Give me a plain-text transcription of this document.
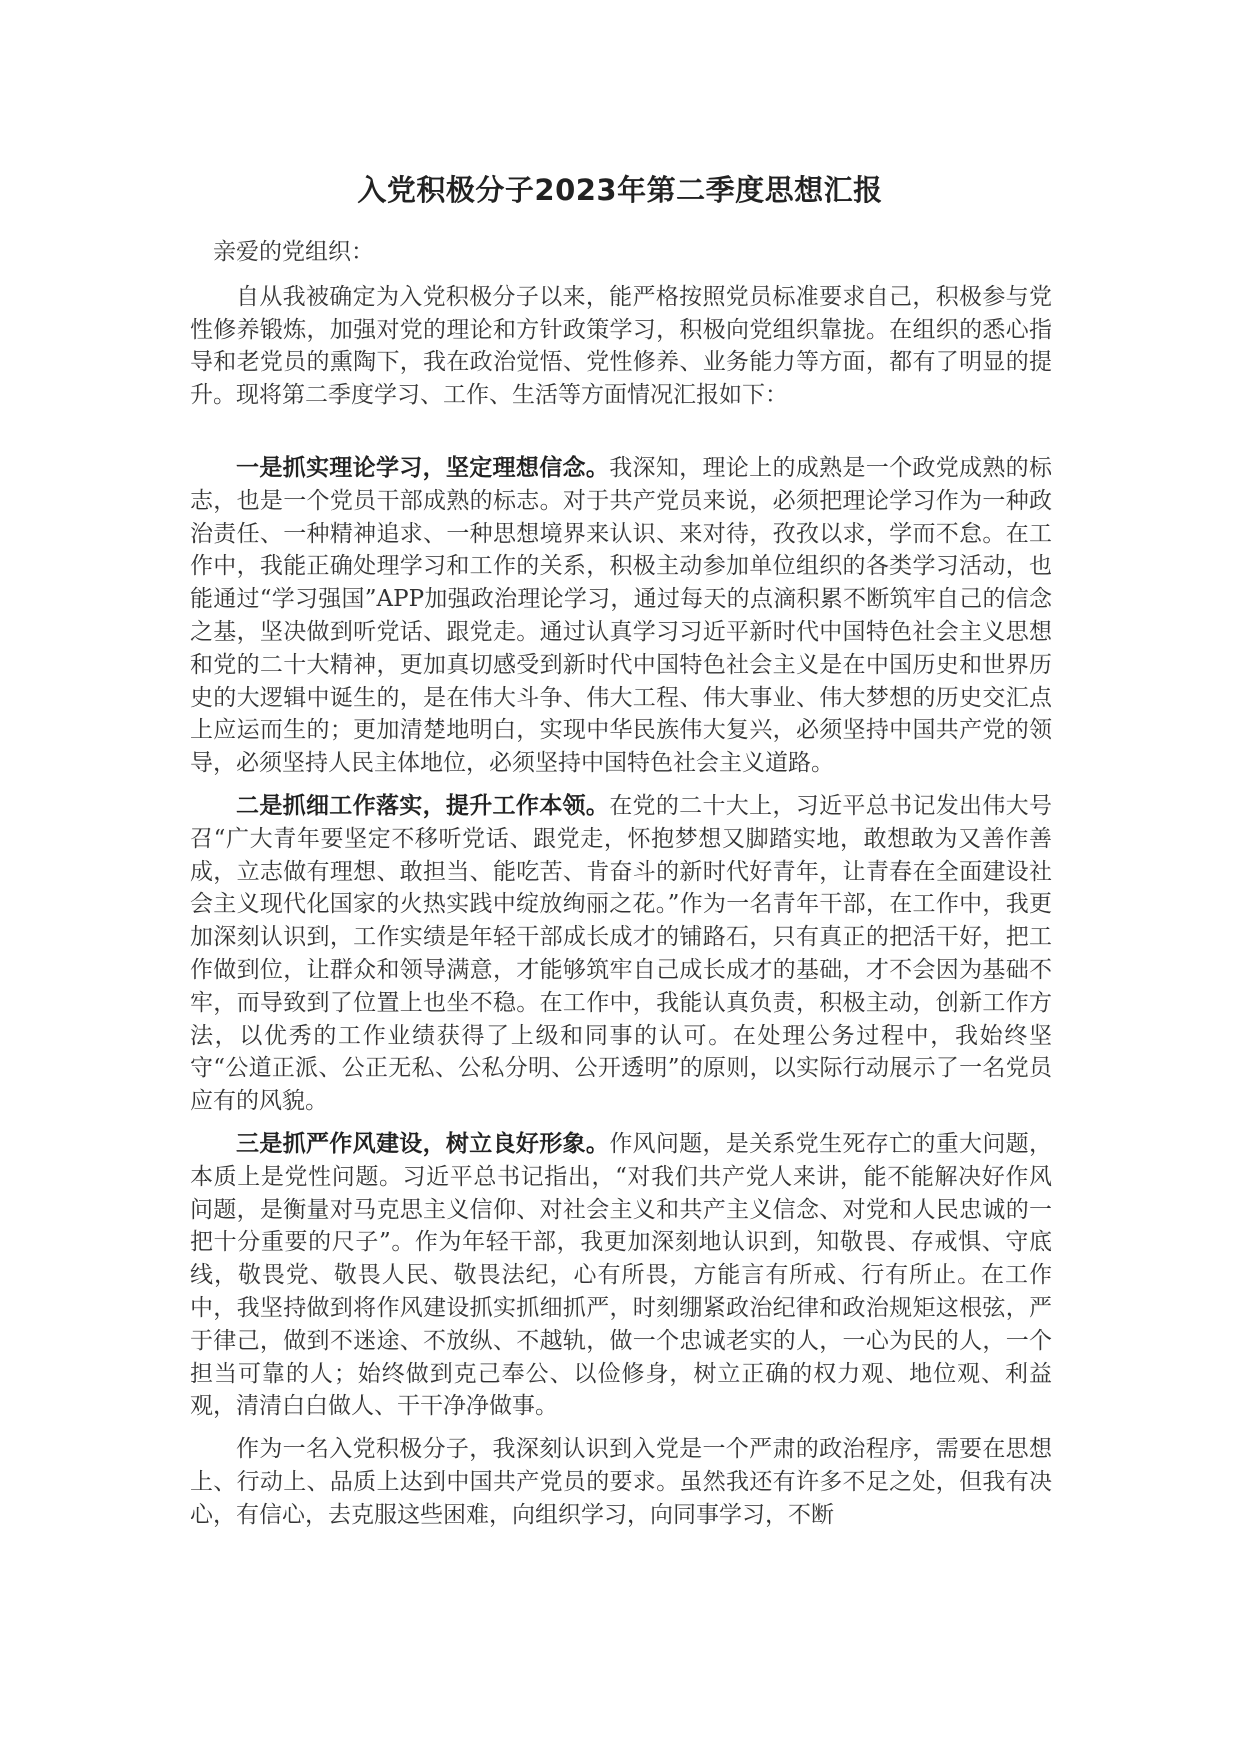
入党积极分子2023年第二季度思想汇报

亲爱的党组织：

自从我被确定为入党积极分子以来，能严格按照党员标准要求自己，积极参与党性修养锻炼，加强对党的理论和方针政策学习，积极向党组织靠拢。在组织的悉心指导和老党员的熏陶下，我在政治觉悟、党性修养、业务能力等方面，都有了明显的提升。现将第二季度学习、工作、生活等方面情况汇报如下：

一是抓实理论学习，坚定理想信念。我深知，理论上的成熟是一个政党成熟的标志，也是一个党员干部成熟的标志。对于共产党员来说，必须把理论学习作为一种政治责任、一种精神追求、一种思想境界来认识、来对待，孜孜以求，学而不怠。在工作中，我能正确处理学习和工作的关系，积极主动参加单位组织的各类学习活动，也能通过“学习强国”APP加强政治理论学习，通过每天的点滴积累不断筑牢自己的信念之基，坚决做到听党话、跟党走。通过认真学习习近平新时代中国特色社会主义思想和党的二十大精神，更加真切感受到新时代中国特色社会主义是在中国历史和世界历史的大逻辑中诞生的，是在伟大斗争、伟大工程、伟大事业、伟大梦想的历史交汇点上应运而生的；更加清楚地明白，实现中华民族伟大复兴，必须坚持中国共产党的领导，必须坚持人民主体地位，必须坚持中国特色社会主义道路。

二是抓细工作落实，提升工作本领。在党的二十大上，习近平总书记发出伟大号召“广大青年要坚定不移听党话、跟党走，怀抱梦想又脚踏实地，敢想敢为又善作善成，立志做有理想、敢担当、能吃苦、肯奋斗的新时代好青年，让青春在全面建设社会主义现代化国家的火热实践中绽放绚丽之花。”作为一名青年干部，在工作中，我更加深刻认识到，工作实绩是年轻干部成长成才的铺路石，只有真正的把活干好，把工作做到位，让群众和领导满意，才能够筑牢自己成长成才的基础，才不会因为基础不牢，而导致到了位置上也坐不稳。在工作中，我能认真负责，积极主动，创新工作方法，以优秀的工作业绩获得了上级和同事的认可。在处理公务过程中，我始终坚守“公道正派、公正无私、公私分明、公开透明”的原则，以实际行动展示了一名党员应有的风貌。

三是抓严作风建设，树立良好形象。作风问题，是关系党生死存亡的重大问题，本质上是党性问题。习近平总书记指出，“对我们共产党人来讲，能不能解决好作风问题，是衡量对马克思主义信仰、对社会主义和共产主义信念、对党和人民忠诚的一把十分重要的尺子”。作为年轻干部，我更加深刻地认识到，知敬畏、存戒惧、守底线，敬畏党、敬畏人民、敬畏法纪，心有所畏，方能言有所戒、行有所止。在工作中，我坚持做到将作风建设抓实抓细抓严，时刻绷紧政治纪律和政治规矩这根弦，严于律己，做到不迷途、不放纵、不越轨，做一个忠诚老实的人，一心为民的人，一个担当可靠的人；始终做到克己奉公、以俭修身，树立正确的权力观、地位观、利益观，清清白白做人、干干净净做事。

作为一名入党积极分子，我深刻认识到入党是一个严肃的政治程序，需要在思想上、行动上、品质上达到中国共产党员的要求。虽然我还有许多不足之处，但我有决心，有信心，去克服这些困难，向组织学习，向同事学习，不断
